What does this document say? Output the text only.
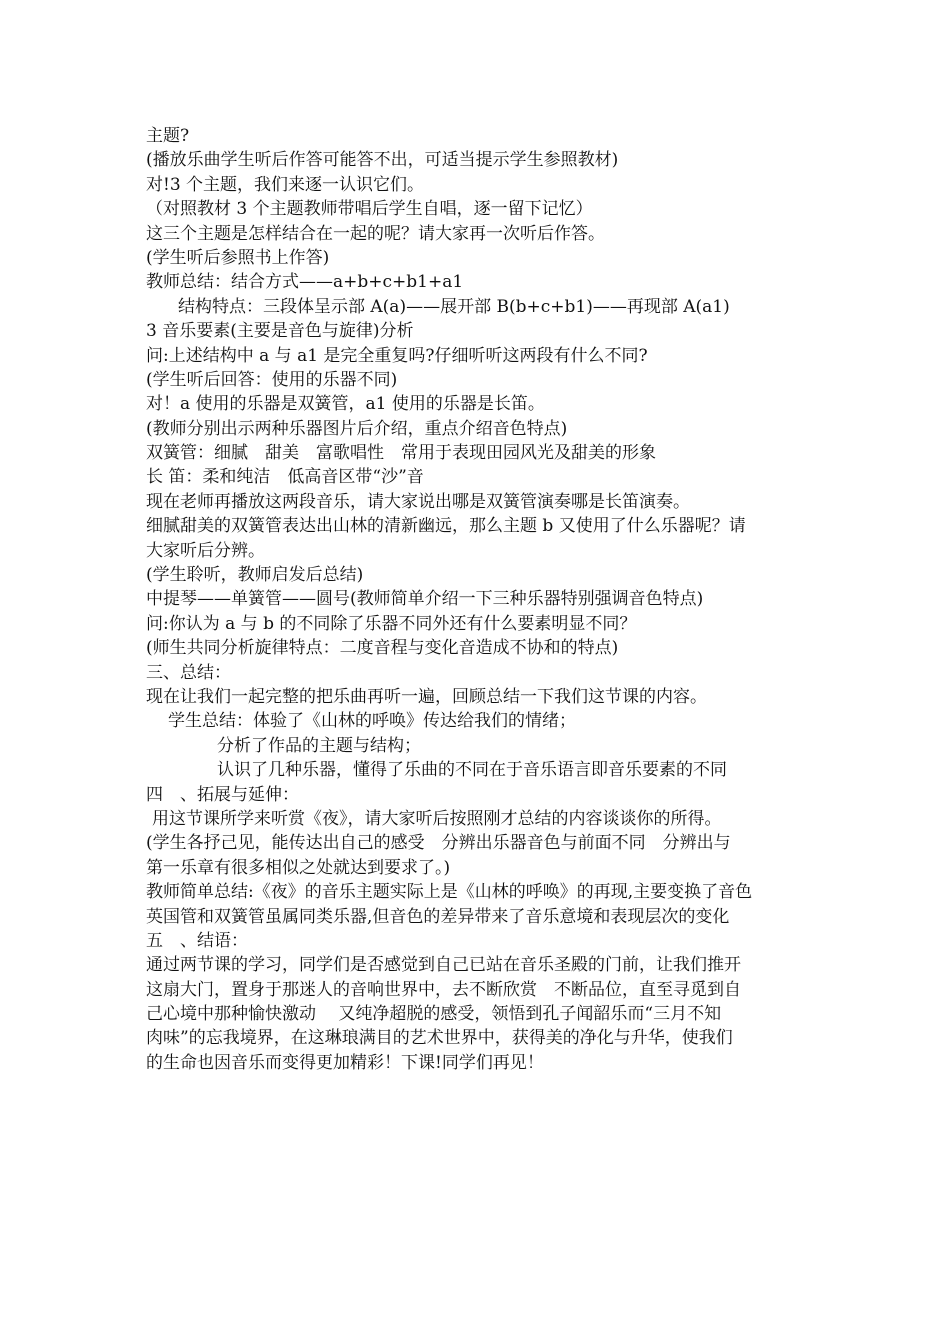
主题?
(播放乐曲学生听后作答可能答不出，可适当提示学生参照教材)
对!3 个主题，我们来逐一认识它们。
（对照教材 3 个主题教师带唱后学生自唱，逐一留下记忆）
这三个主题是怎样结合在一起的呢？请大家再一次听后作答。
(学生听后参照书上作答)
教师总结：结合方式——a+b+c+b1+a1
结构特点：三段体呈示部 A(a)——展开部 B(b+c+b1)——再现部 A(a1)
3 音乐要素(主要是音色与旋律)分析
问:上述结构中 a 与 a1 是完全重复吗?仔细听听这两段有什么不同?
(学生听后回答：使用的乐器不同)
对！a 使用的乐器是双簧管，a1 使用的乐器是长笛。
(教师分别出示两种乐器图片后介绍，重点介绍音色特点)
双簧管：细腻　甜美　富歌唱性　常用于表现田园风光及甜美的形象
长 笛：柔和纯洁　低高音区带“沙”音
现在老师再播放这两段音乐，请大家说出哪是双簧管演奏哪是长笛演奏。
细腻甜美的双簧管表达出山林的清新幽远，那么主题 b 又使用了什么乐器呢？请
大家听后分辨。
(学生聆听，教师启发后总结)
中提琴——单簧管——圆号(教师简单介绍一下三种乐器特别强调音色特点)
问:你认为 a 与 b 的不同除了乐器不同外还有什么要素明显不同？
(师生共同分析旋律特点：二度音程与变化音造成不协和的特点)
三、总结：
现在让我们一起完整的把乐曲再听一遍，回顾总结一下我们这节课的内容。
学生总结：体验了《山林的呼唤》传达给我们的情绪；
分析了作品的主题与结构；
认识了几种乐器，懂得了乐曲的不同在于音乐语言即音乐要素的不同
四　、拓展与延伸：
用这节课所学来听赏《夜》，请大家听后按照刚才总结的内容谈谈你的所得。
(学生各抒己见，能传达出自己的感受　分辨出乐器音色与前面不同　分辨出与
第一乐章有很多相似之处就达到要求了。)
教师简单总结:《夜》的音乐主题实际上是《山林的呼唤》的再现,主要变换了音色
英国管和双簧管虽属同类乐器,但音色的差异带来了音乐意境和表现层次的变化
五　、结语：
通过两节课的学习，同学们是否感觉到自己已站在音乐圣殿的门前，让我们推开
这扇大门，置身于那迷人的音响世界中，去不断欣赏　不断品位，直至寻觅到自
己心境中那种愉快激动　 又纯净超脱的感受，领悟到孔子闻韶乐而“三月不知
肉味”的忘我境界，在这琳琅满目的艺术世界中，获得美的净化与升华，使我们
的生命也因音乐而变得更加精彩！下课!同学们再见！
